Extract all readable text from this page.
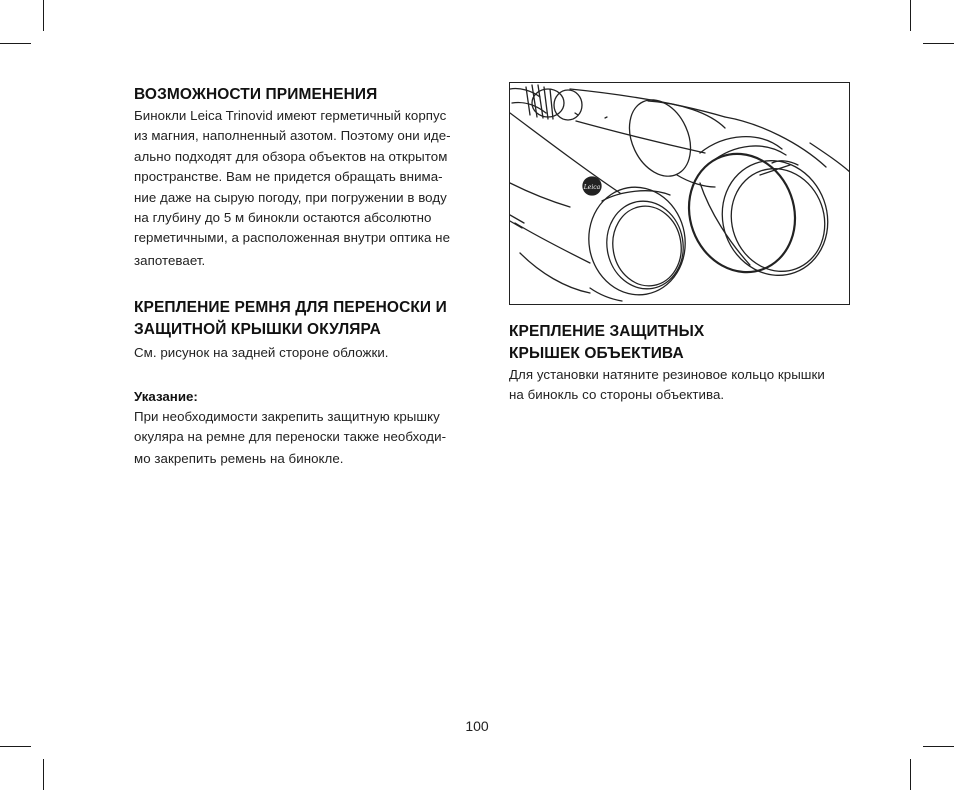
ВОЗМОЖНОСТИ ПРИМЕНЕНИЯ

Бинокли Leica Trinovid имеют герметичный корпус
из магния, наполненный азотом. Поэтому они иде-
ально подходят для обзора объектов на открытом
пространстве. Вам не придется обращать внима-
ние даже на сырую погоду, при погружении в воду
на глубину до 5 м бинокли остаются абсолютно
герметичными, а расположенная внутри оптика не
запотевает.

КРЕПЛЕНИЕ РЕМНЯ ДЛЯ ПЕРЕНОСКИ И
ЗАЩИТНОЙ КРЫШКИ ОКУЛЯРА

См. рисунок на задней стороне обложки.

Указание:

При необходимости закрепить защитную крышку
окуляра на ремне для переноски также необходи-
мо закрепить ремень на бинокле.

Leica
КРЕПЛЕНИЕ ЗАЩИТНЫХ
КРЫШЕК ОБЪЕКТИВА

Для установки натяните резиновое кольцо крышки
на бинокль со стороны объектива.

100
